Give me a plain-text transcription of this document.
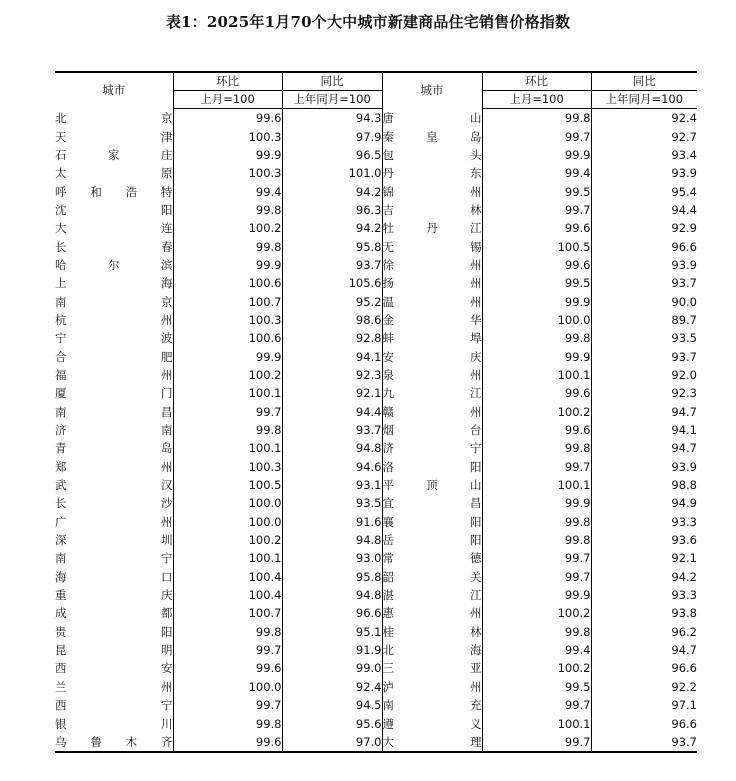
表1：2025年1月70个大中城市新建商品住宅销售价格指数
城市	环比	同比	城市	环比	同比
	上月=100	上年同月=100		上月=100	上年同月=100
北京	99.6	94.3	唐山	99.8	92.4
天津	100.3	97.9	秦皇岛	99.7	92.7
石家庄	99.9	96.5	包头	99.9	93.4
太原	100.3	101.0	丹东	99.4	93.9
呼和浩特	99.4	94.2	锦州	99.5	95.4
沈阳	99.8	96.3	吉林	99.7	94.4
大连	100.2	94.2	牡丹江	99.6	92.9
长春	99.8	95.8	无锡	100.5	96.6
哈尔滨	99.9	93.7	徐州	99.6	93.9
上海	100.6	105.6	扬州	99.5	93.7
南京	100.7	95.2	温州	99.9	90.0
杭州	100.3	98.6	金华	100.0	89.7
宁波	100.6	92.8	蚌埠	99.8	93.5
合肥	99.9	94.1	安庆	99.9	93.7
福州	100.2	92.3	泉州	100.1	92.0
厦门	100.1	92.1	九江	99.6	92.3
南昌	99.7	94.4	赣州	100.2	94.7
济南	99.8	93.7	烟台	99.6	94.1
青岛	100.1	94.8	济宁	99.8	94.7
郑州	100.3	94.6	洛阳	99.7	93.9
武汉	100.5	93.1	平顶山	100.1	98.8
长沙	100.0	93.5	宜昌	99.9	94.9
广州	100.0	91.6	襄阳	99.8	93.3
深圳	100.2	94.8	岳阳	99.8	93.6
南宁	100.1	93.0	常德	99.7	92.1
海口	100.4	95.8	韶关	99.7	94.2
重庆	100.4	94.8	湛江	99.9	93.3
成都	100.7	96.6	惠州	100.2	93.8
贵阳	99.8	95.1	桂林	99.8	96.2
昆明	99.7	91.9	北海	99.4	94.7
西安	99.6	99.0	三亚	100.2	96.6
兰州	100.0	92.4	泸州	99.5	92.2
西宁	99.7	94.5	南充	99.7	97.1
银川	99.8	95.6	遵义	100.1	96.6
乌鲁木齐	99.6	97.0	大理	99.7	93.7
